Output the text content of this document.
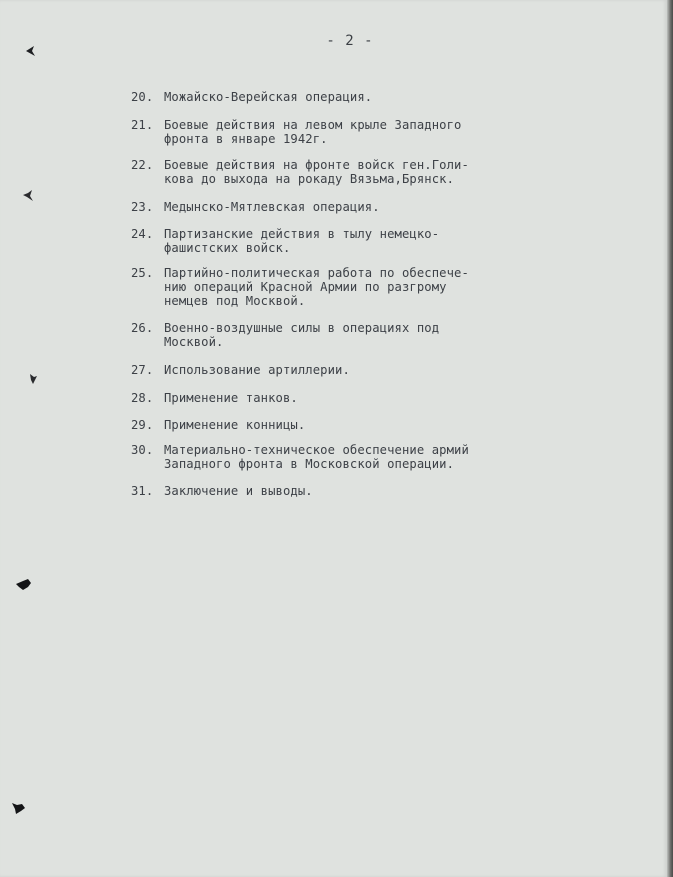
- 2 -
20. Можайско-Верейская операция.
21. Боевые действия на левом крыле Западного
фронта в январе 1942г.
22. Боевые действия на фронте войск ген.Голи-
кова до выхода на рокаду Вязьма,Брянск.
23. Медынско-Мятлевская операция.
24. Партизанские действия в тылу немецко-
фашистских войск.
25. Партийно-политическая работа по обеспече-
нию операций Красной Армии по разгрому
немцев под Москвой.
26. Военно-воздушные силы в операциях под
Москвой.
27. Использование артиллерии.
28. Применение танков.
29. Применение конницы.
30. Материально-техническое обеспечение армий
Западного фронта в Московской операции.
31. Заключение и выводы.
